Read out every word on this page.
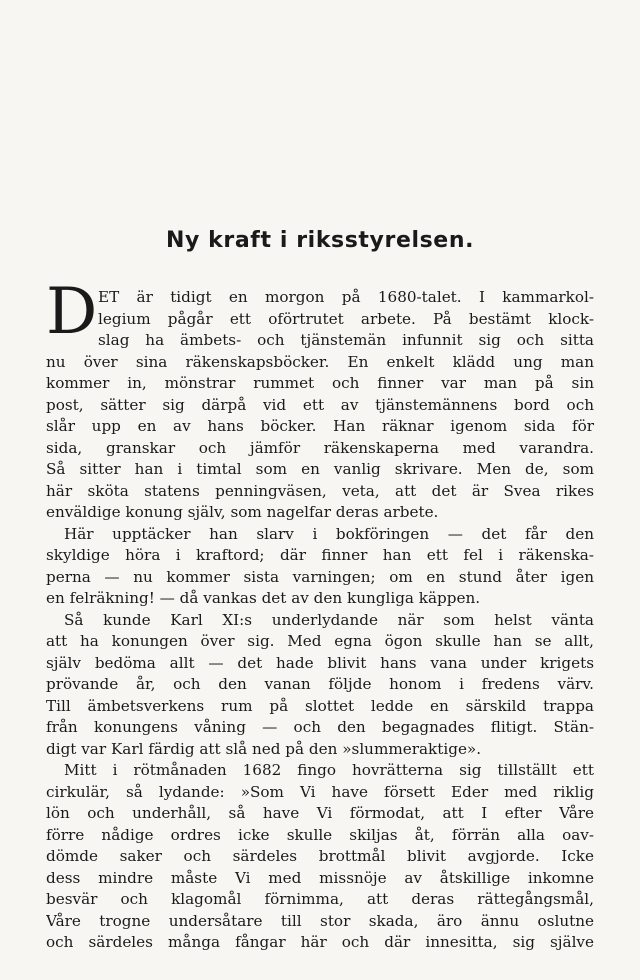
Ny kraft i riksstyrelsen.
D ET är tidigt en morgon på 1680-talet. I kammarkol-
legium pågår ett oförtrutet arbete. På bestämt klock-
slag ha ämbets- och tjänstemän infunnit sig och sitta
nu över sina räkenskapsböcker. En enkelt klädd ung man
kommer in, mönstrar rummet och finner var man på sin
post, sätter sig därpå vid ett av tjänstemännens bord och
slår upp en av hans böcker. Han räknar igenom sida för
sida, granskar och jämför räkenskaperna med varandra.
Så sitter han i timtal som en vanlig skrivare. Men de, som
här sköta statens penningväsen, veta, att det är Svea rikes
enväldige konung själv, som nagelfar deras arbete.
Här upptäcker han slarv i bokföringen — det får den
skyldige höra i kraftord; där finner han ett fel i räkenska-
perna — nu kommer sista varningen; om en stund åter igen
en felräkning! — då vankas det av den kungliga käppen.
Så kunde Karl XI:s underlydande när som helst vänta
att ha konungen över sig. Med egna ögon skulle han se allt,
själv bedöma allt — det hade blivit hans vana under krigets
prövande år, och den vanan följde honom i fredens värv.
Till ämbetsverkens rum på slottet ledde en särskild trappa
från konungens våning — och den begagnades flitigt. Stän-
digt var Karl färdig att slå ned på den »slummeraktige».
Mitt i rötmånaden 1682 fingo hovrätterna sig tillställt ett
cirkulär, så lydande: »Som Vi have försett Eder med riklig
lön och underhåll, så have Vi förmodat, att I efter Våre
förre nådige ordres icke skulle skiljas åt, förrän alla oav-
dömde saker och särdeles brottmål blivit avgjorde. Icke
dess mindre måste Vi med missnöje av åtskillige inkomne
besvär och klagomål förnimma, att deras rättegångsmål,
Våre trogne undersåtare till stor skada, äro ännu oslutne
och särdeles många fångar här och där innesitta, sig själve
